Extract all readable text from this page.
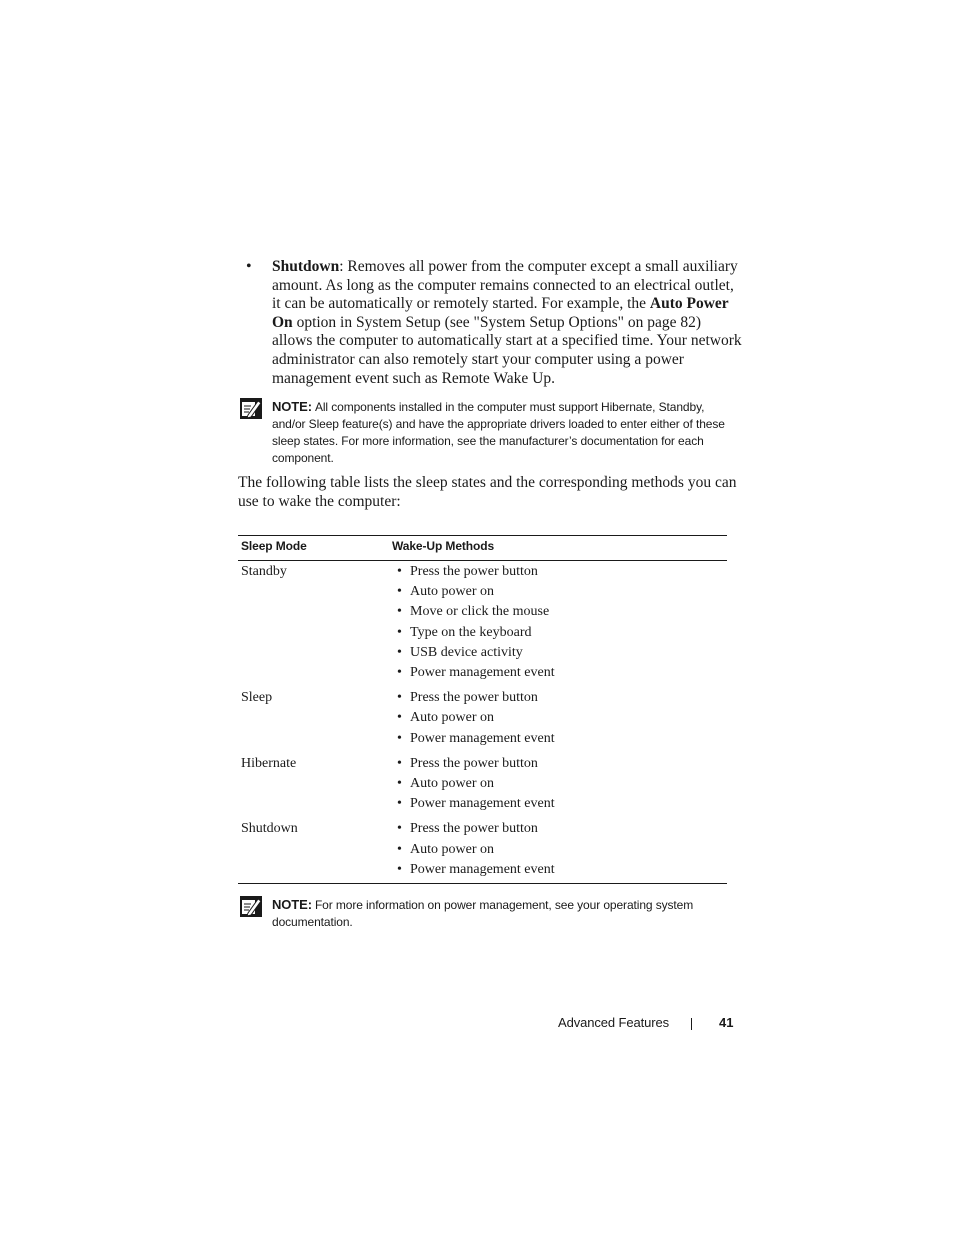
• Shutdown: Removes all power from the computer except a small auxiliary amount. As long as the computer remains connected to an electrical outlet, it can be automatically or remotely started. For example, the Auto Power On option in System Setup (see "System Setup Options" on page 82) allows the computer to automatically start at a specified time. Your network administrator can also remotely start your computer using a power management event such as Remote Wake Up.
NOTE: All components installed in the computer must support Hibernate, Standby, and/or Sleep feature(s) and have the appropriate drivers loaded to enter either of these sleep states. For more information, see the manufacturer’s documentation for each component.
The following table lists the sleep states and the corresponding methods you can use to wake the computer:
Sleep Mode	Wake-Up Methods
Standby	• Press the power button
• Auto power on
• Move or click the mouse
• Type on the keyboard
• USB device activity
• Power management event
Sleep	• Press the power button
• Auto power on
• Power management event
Hibernate	• Press the power button
• Auto power on
• Power management event
Shutdown	• Press the power button
• Auto power on
• Power management event
NOTE: For more information on power management, see your operating system documentation.
Advanced Features	41
